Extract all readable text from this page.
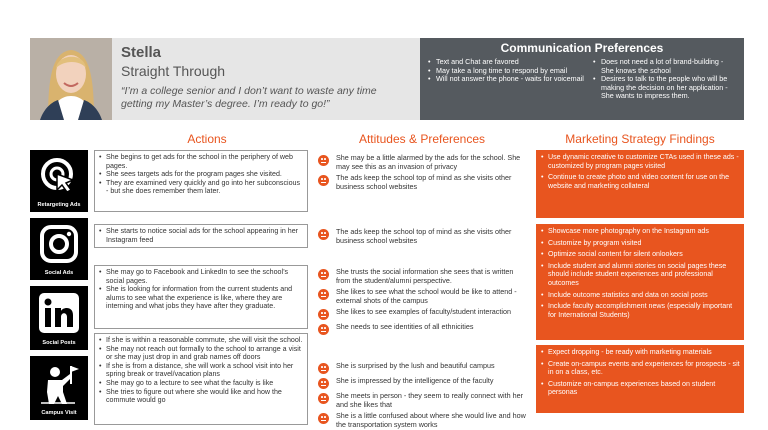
Stella
Straight Through
“I’m a college senior and I don’t want to waste any time getting my Master’s degree. I’m ready to go!”
Communication Preferences
• Text and Chat are favored
• May take a long time to respond by email
• Will not answer the phone - waits for voicemail
• Does not need a lot of brand-building - She knows the school
• Desires to talk to the people who will be making the decision on her application - She wants to impress them.
Actions	Attitudes & Preferences	Marketing Strategy Findings
Retargeting Ads
Social Ads
Social Posts
Campus Visit
• She begins to get ads for the school in the periphery of web pages.
• She sees targets ads for the program pages she visited.
• They are examined very quickly and go into her subconscious - but she does remember them later.
• She starts to notice social ads for the school appearing in her Instagram feed
• She may go to Facebook and LinkedIn to see the school’s social pages.
• She is looking for information from the current students and alums to see what the experience is like, where they are interning and what jobs they have after they graduate.
• If she is within a reasonable commute, she will visit the school.
• She may not reach out formally to the school to arrange a visit or she may just drop in and grab names off doors
• If she is from a distance, she will work a school visit into her spring break or travel/vacation plans
• She may go to a lecture to see what the faculty is like
• She tries to figure out where she would like and how the commute would go
She may be a little alarmed by the ads for the school. She may see this as an invasion of privacy
The ads keep the school top of mind as she visits other business school websites
The ads keep the school top of mind as she visits other business school websites
She trusts the social information she sees that is written from the student/alumni perspective.
She likes to see what the school would be like to attend - external shots of the campus
She likes to see examples of faculty/student interaction
She needs to see identities of all ethnicities
She is surprised by the lush and beautiful campus
She is impressed by the intelligence of the faculty
She meets in person - they seem to really connect with her and she likes that
She is a little confused about where she would live and how the transportation system works
• Use dynamic creative to customize CTAs used in these ads - customized by program pages visited
• Continue to create photo and video content for use on the website and marketing collateral
• Showcase more photography on the Instagram ads
• Customize by program visited
• Optimize social content for silent onlookers
• Include student and alumni stories on social pages these should include student experiences and professional outcomes
• Include outcome statistics and data on social posts
• Include faculty accomplishment news (especially important for International Students)
• Expect dropping - be ready with marketing materials
• Create on-campus events and experiences for prospects - sit in on a class, etc.
• Customize on-campus experiences based on student personas
